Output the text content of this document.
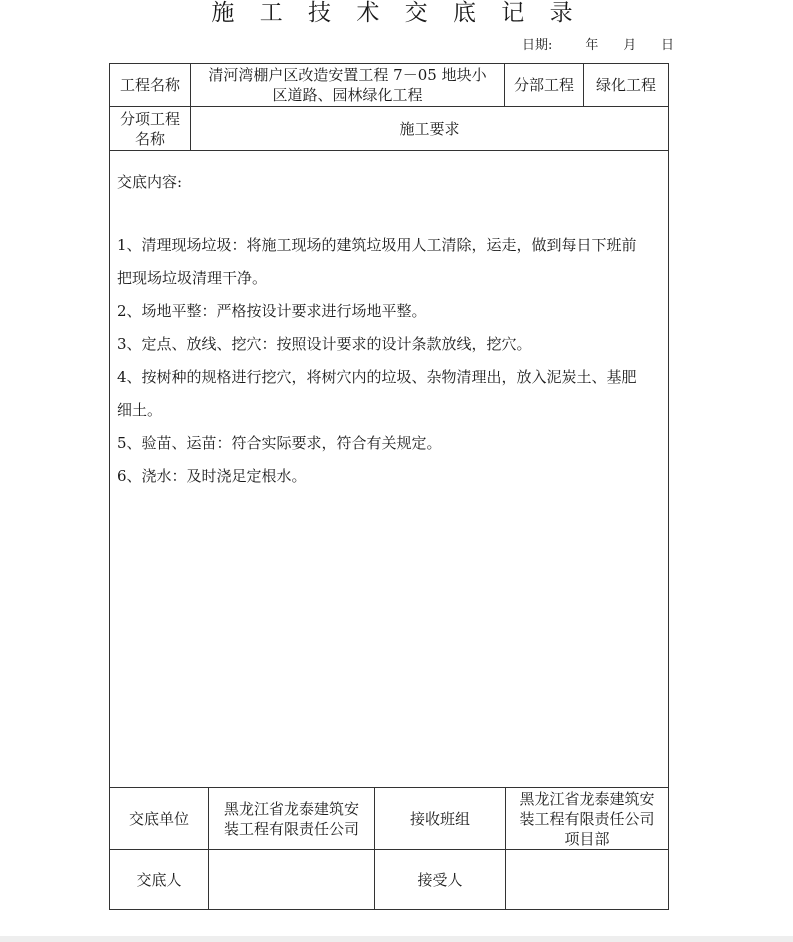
施 工 技 术 交 底 记 录
日期:        年      月      日
工程名称
清河湾棚户区改造安置工程 7－05 地块小
区道路、园林绿化工程
分部工程	绿化工程
分项工程
名称
施工要求
交底内容:
1、清理现场垃圾：将施工现场的建筑垃圾用人工清除，运走，做到每日下班前
把现场垃圾清理干净。
2、场地平整：严格按设计要求进行场地平整。
3、定点、放线、挖穴：按照设计要求的设计条款放线，挖穴。
4、按树种的规格进行挖穴，将树穴内的垃圾、杂物清理出，放入泥炭土、基肥
细土。
5、验苗、运苗：符合实际要求，符合有关规定。
6、浇水：及时浇足定根水。
交底单位
黑龙江省龙泰建筑安
装工程有限责任公司
接收班组
黑龙江省龙泰建筑安
装工程有限责任公司
项目部
交底人	接受人
